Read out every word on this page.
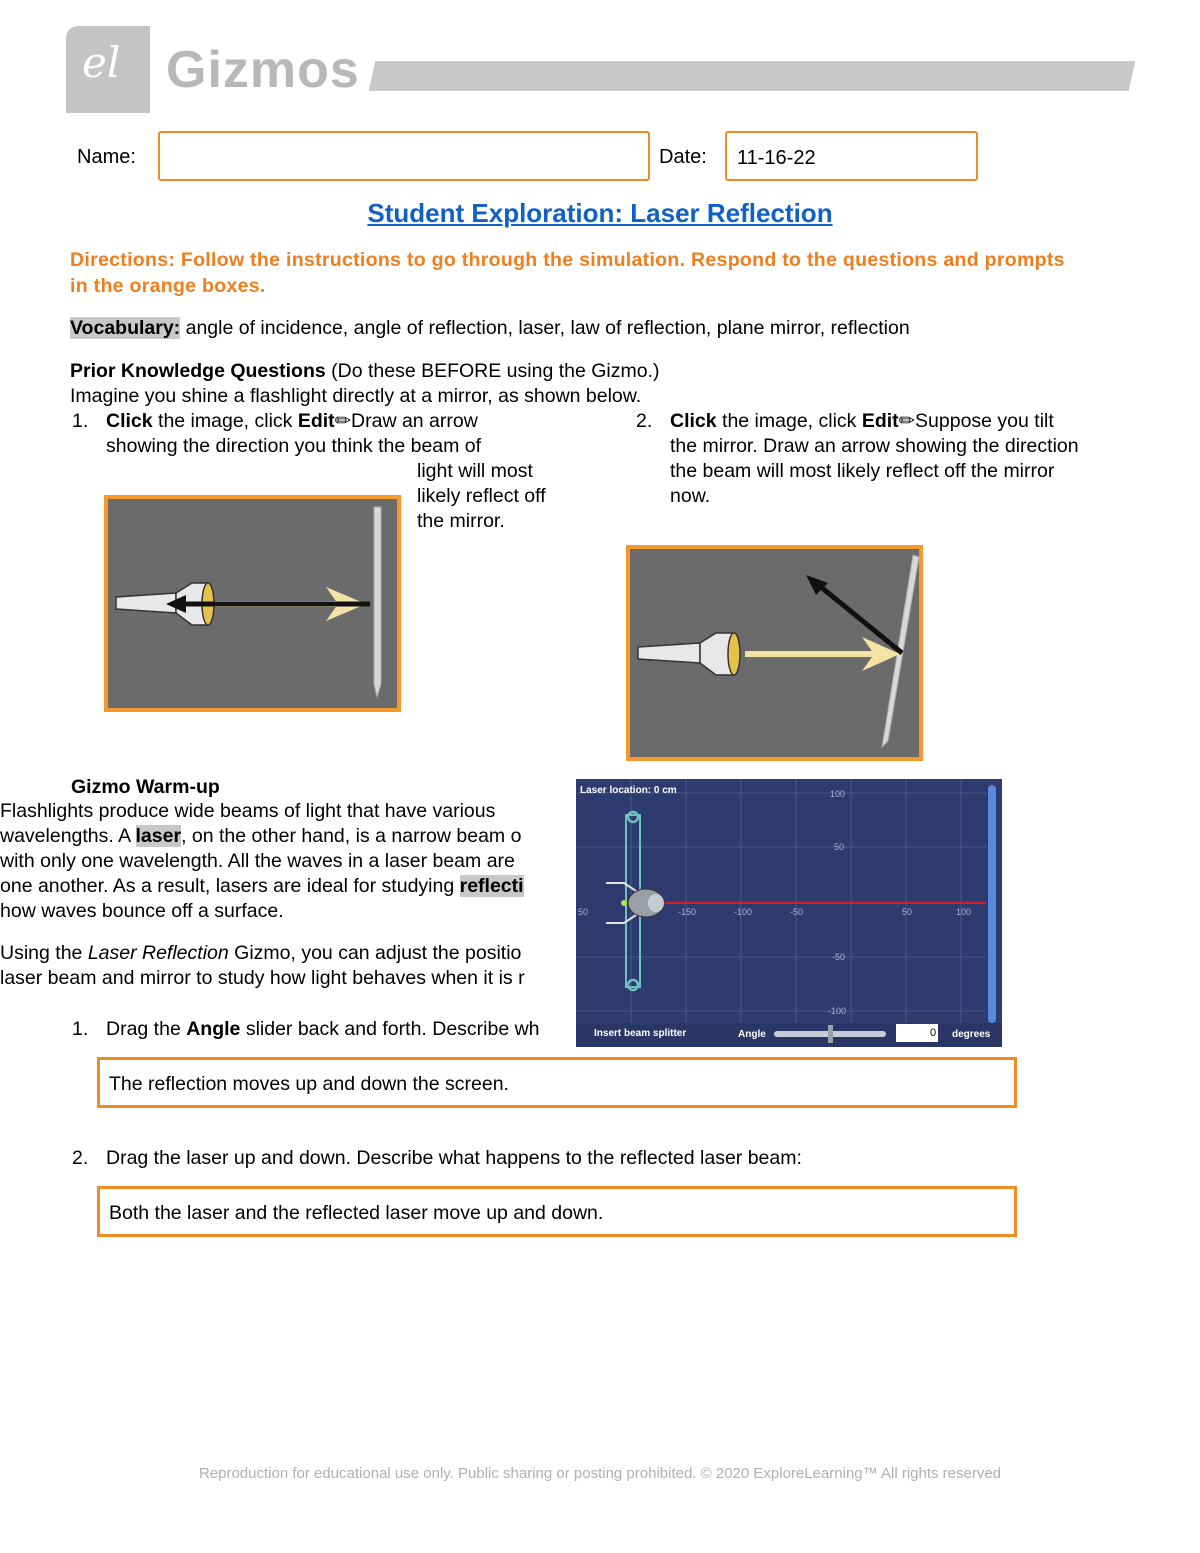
el Gizmos
Name:	Date: 11-16-22
Student Exploration: Laser Reflection
Directions: Follow the instructions to go through the simulation. Respond to the questions and prompts in the orange boxes.
Vocabulary: angle of incidence, angle of reflection, laser, law of reflection, plane mirror, reflection
Prior Knowledge Questions (Do these BEFORE using the Gizmo.)
Imagine you shine a flashlight directly at a mirror, as shown below.
1. Click the image, click Edit✏Draw an arrow
showing the direction you think the beam of
light will most
likely reflect off
the mirror.
2. Click the image, click Edit✏Suppose you tilt
the mirror. Draw an arrow showing the direction
the beam will most likely reflect off the mirror
now.
Gizmo Warm-up
Flashlights produce wide beams of light that have various
wavelengths. A laser, on the other hand, is a narrow beam o
with only one wavelength. All the waves in a laser beam are
one another. As a result, lasers are ideal for studying reflecti
how waves bounce off a surface.
Using the Laser Reflection Gizmo, you can adjust the positio
laser beam and mirror to study how light behaves when it is r
1. Drag the Angle slider back and forth. Describe wh
Laser location: 0 cm	100
50
-50
-100
50	-150	-100	-50	50	100
Insert beam splitter	Angle	0 degrees
The reflection moves up and down the screen.
2. Drag the laser up and down. Describe what happens to the reflected laser beam:
Both the laser and the reflected laser move up and down.
Reproduction for educational use only. Public sharing or posting prohibited. © 2020 ExploreLearning™ All rights reserved
